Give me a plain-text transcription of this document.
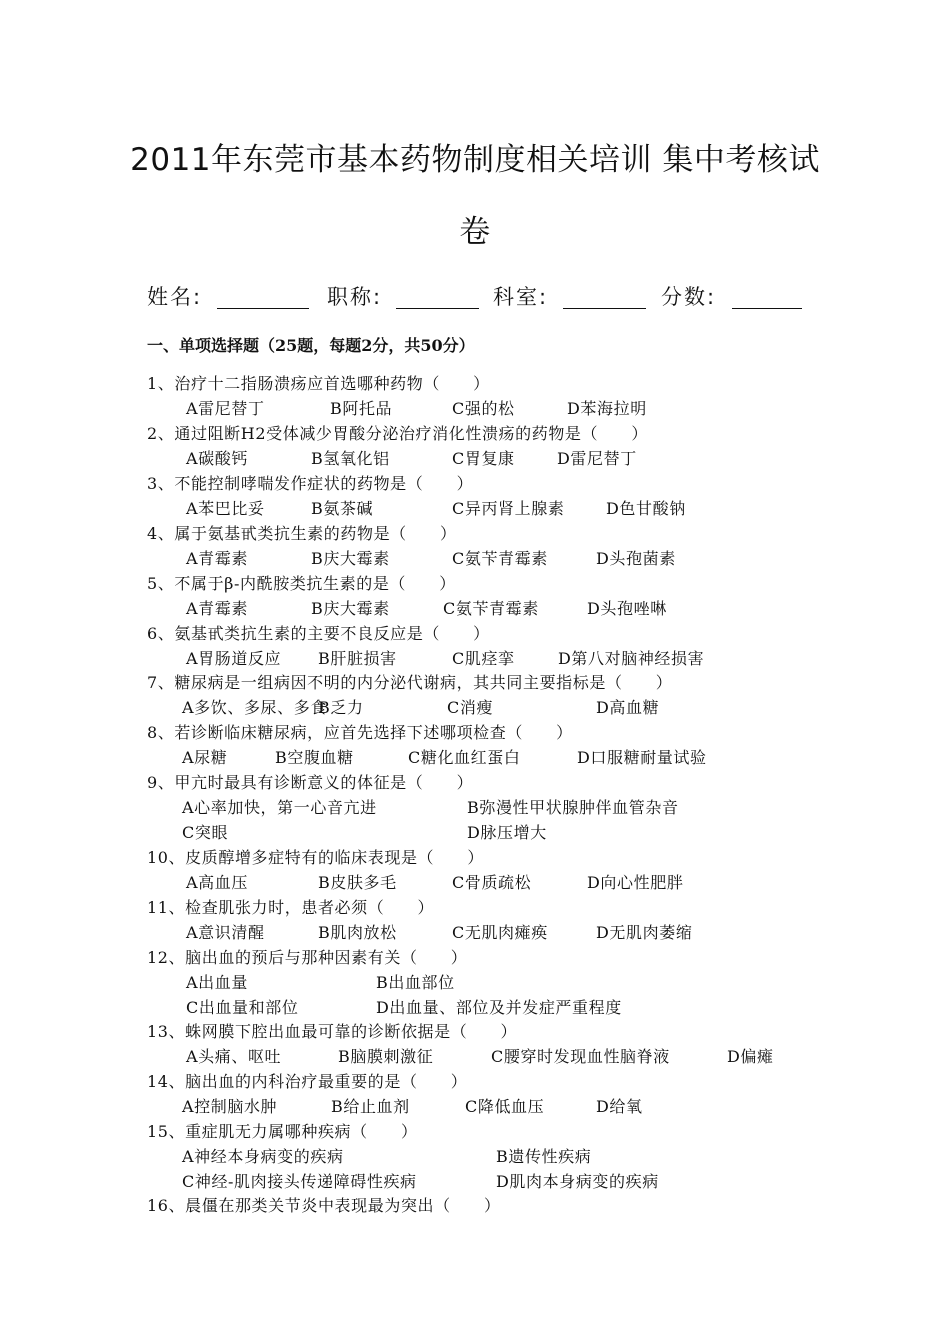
2011年东莞市基本药物制度相关培训 集中考核试
卷
姓名:	职称:	科室:	分数:
一、单项选择题（25题，每题2分，共50分）
1、治疗十二指肠溃疡应首选哪种药物（　　）
A雷尼替丁	B阿托品	C强的松	D苯海拉明
2、通过阻断H2受体减少胃酸分泌治疗消化性溃疡的药物是（　　）
A碳酸钙	B氢氧化铝	C胃复康	D雷尼替丁
3、不能控制哮喘发作症状的药物是（　　）
A苯巴比妥	B氨茶碱	C异丙肾上腺素	D色甘酸钠
4、属于氨基甙类抗生素的药物是（　　）
A青霉素	B庆大霉素	C氨苄青霉素	D头孢菌素
5、不属于β-内酰胺类抗生素的是（　　）
A青霉素	B庆大霉素	C氨苄青霉素	D头孢唑啉
6、氨基甙类抗生素的主要不良反应是（　　）
A胃肠道反应 B肝脏损害	C肌痉挛	D第八对脑神经损害
7、糖尿病是一组病因不明的内分泌代谢病，其共同主要指标是（　　）
A多饮、多尿、多食
B乏力	C消瘦	D高血糖
8、若诊断临床糖尿病，应首先选择下述哪项检查（　　）
A尿糖	B空腹血糖	C糖化血红蛋白	D口服糖耐量试验
9、甲亢时最具有诊断意义的体征是（　　）
A心率加快，第一心音亢进	B弥漫性甲状腺肿伴血管杂音
C突眼	D脉压增大
10、皮质醇增多症特有的临床表现是（　　）
A高血压	B皮肤多毛	C骨质疏松	D向心性肥胖
11、检查肌张力时，患者必须（　　）
A意识清醒	B肌肉放松	C无肌肉瘫痪	D无肌肉萎缩
12、脑出血的预后与那种因素有关（　　）
A出血量	B出血部位
C出血量和部位	D出血量、部位及并发症严重程度
13、蛛网膜下腔出血最可靠的诊断依据是（　　）
A头痛、呕吐	B脑膜刺激征	C腰穿时发现血性脑脊液	D偏瘫
14、脑出血的内科治疗最重要的是（　　）
A控制脑水肿	B给止血剂	C降低血压	D给氧
15、重症肌无力属哪种疾病（　　）
A神经本身病变的疾病	B遗传性疾病
C神经-肌肉接头传递障碍性疾病	D肌肉本身病变的疾病
16、晨僵在那类关节炎中表现最为突出（　　）
